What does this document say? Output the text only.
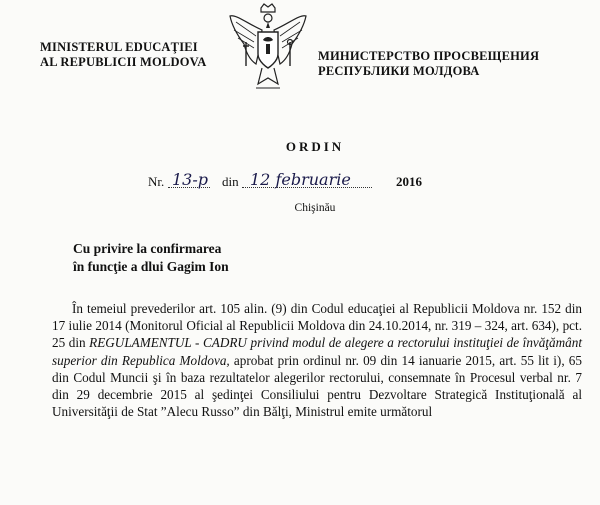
MINISTERUL EDUCAŢIEI
AL REPUBLICII MOLDOVA	МИНИСТЕРСТВО ПРОСВЕЩЕНИЯ
РЕСПУБЛИКИ МОЛДОВА
ORDIN
Nr. 13-p din 12 februarie	2016
Chişinău
Cu privire la confirmarea
în funcţie a dlui Gagim Ion

În temeiul prevederilor art. 105 alin. (9) din Codul educaţiei al Republicii Moldova nr. 152 din 17 iulie 2014 (Monitorul Oficial al Republicii Moldova din 24.10.2014, nr. 319 – 324, art. 634), pct. 25 din REGULAMENTUL - CADRU privind modul de alegere a rectorului instituţiei de învăţământ superior din Republica Moldova, aprobat prin ordinul nr. 09 din 14 ianuarie 2015, art. 55 lit i), 65 din Codul Muncii şi în baza rezultatelor alegerilor rectorului, consemnate în Procesul verbal nr. 7 din 29 decembrie 2015 al şedinţei Consiliului pentru Dezvoltare Strategică Instituţională al Universităţii de Stat ”Alecu Russo” din Bălţi, Ministrul emite următorul
